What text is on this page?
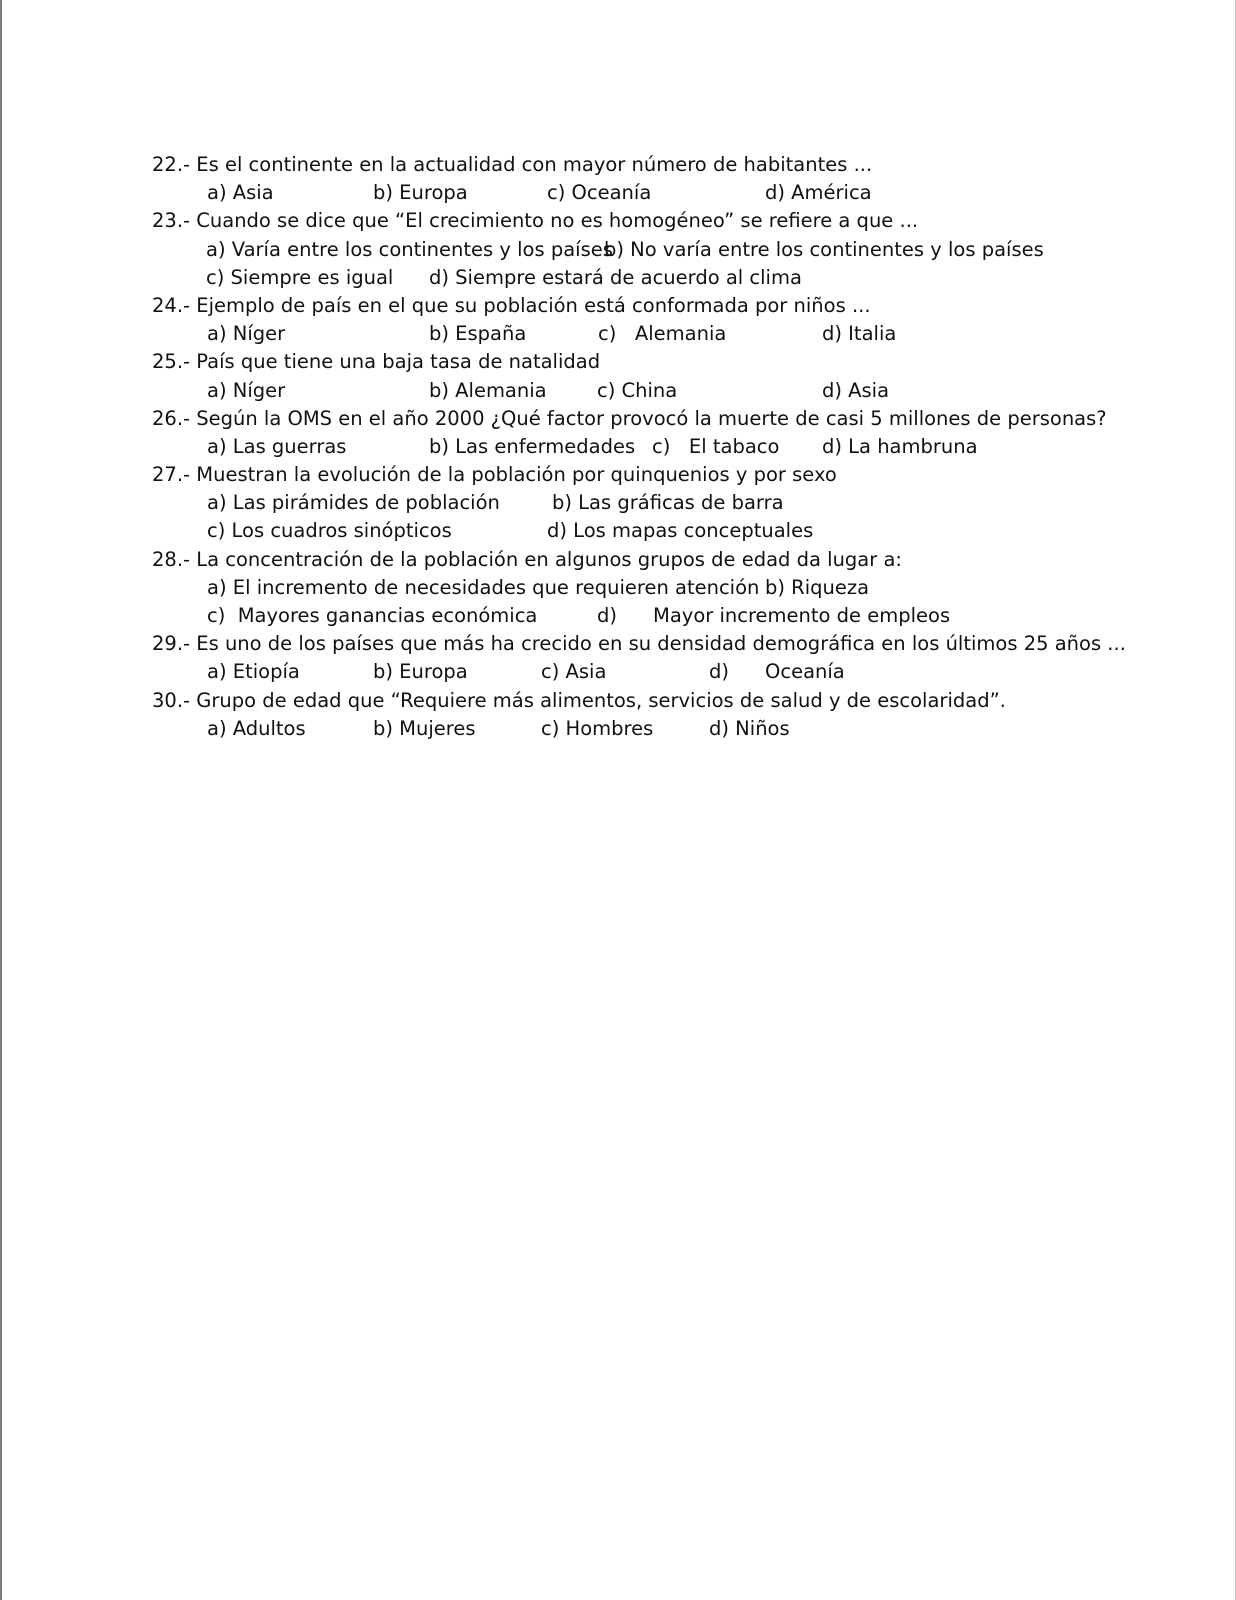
22.- Es el continente en la actualidad con mayor número de habitantes ...
a) Asia	b) Europa	c) Oceanía	d) América
23.- Cuando se dice que “El crecimiento no es homogéneo” se refiere a que ...
a) Varía entre los continentes y los países
b) No varía entre los continentes y los países
c) Siempre es igual d) Siempre estará de acuerdo al clima
24.- Ejemplo de país en el que su población está conformada por niños ...
a) Níger	b) España	c)   Alemania	d) Italia
25.- País que tiene una baja tasa de natalidad
a) Níger	b) Alemania	c) China	d) Asia
26.- Según la OMS en el año 2000 ¿Qué factor provocó la muerte de casi 5 millones de personas?
a) Las guerras	b) Las enfermedades c)   El tabaco d) La hambruna
27.- Muestran la evolución de la población por quinquenios y por sexo
a) Las pirámides de población	b) Las gráficas de barra
c) Los cuadros sinópticos	d) Los mapas conceptuales
28.- La concentración de la población en algunos grupos de edad da lugar a:
a) El incremento de necesidades que requieren atención b) Riqueza
c)  Mayores ganancias económica	d) Mayor incremento de empleos
29.- Es uno de los países que más ha crecido en su densidad demográfica en los últimos 25 años ...
a) Etiopía	b) Europa	c) Asia	d) Oceanía
30.- Grupo de edad que “Requiere más alimentos, servicios de salud y de escolaridad”.
a) Adultos	b) Mujeres	c) Hombres	d) Niños
